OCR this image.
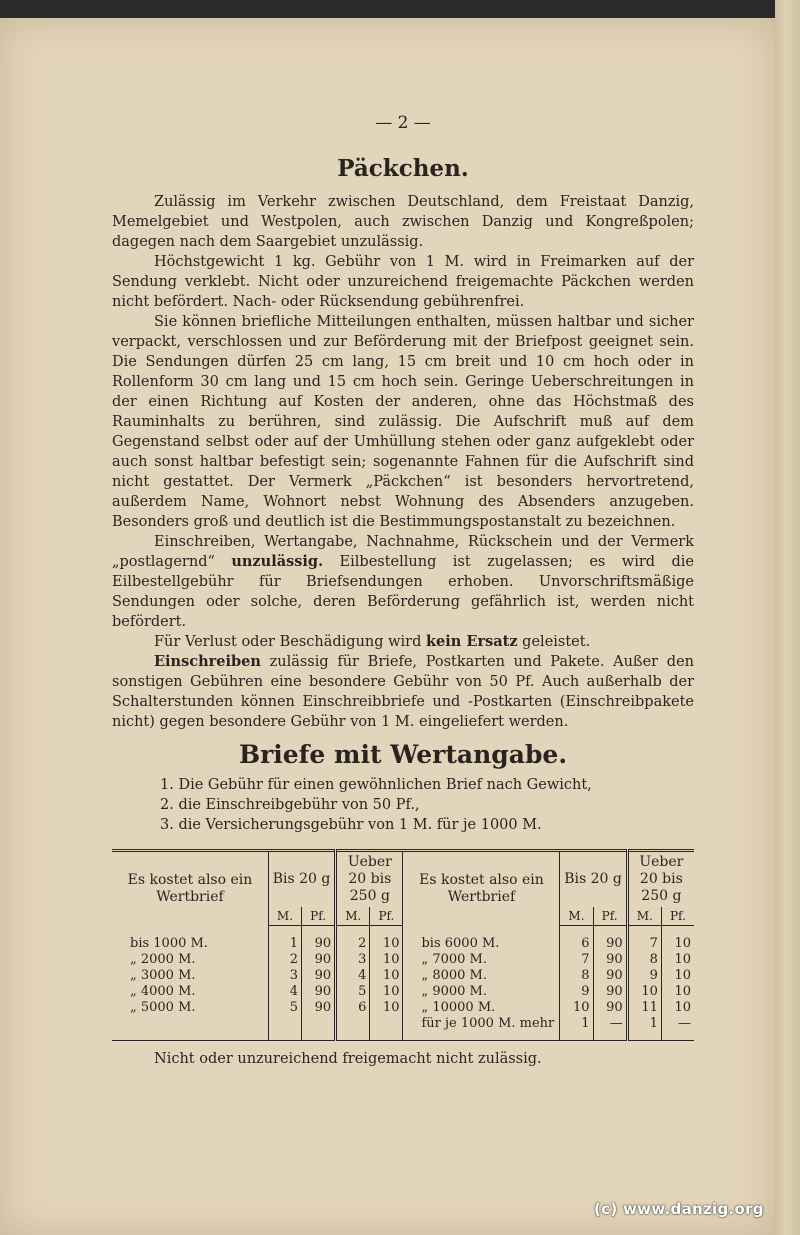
— 2 —
Päckchen.

Zulässig im Verkehr zwischen Deutschland, dem Freistaat Danzig, Memelgebiet und Westpolen, auch zwischen Danzig und Kongreßpolen; dagegen nach dem Saargebiet unzulässig.

Höchstgewicht 1 kg. Gebühr von 1 M. wird in Freimarken auf der Sendung verklebt. Nicht oder unzureichend freigemachte Päckchen werden nicht befördert. Nach- oder Rücksendung gebührenfrei.

Sie können briefliche Mitteilungen enthalten, müssen haltbar und sicher verpackt, verschlossen und zur Beförderung mit der Briefpost geeignet sein. Die Sendungen dürfen 25 cm lang, 15 cm breit und 10 cm hoch oder in Rollenform 30 cm lang und 15 cm hoch sein. Geringe Ueberschreitungen in der einen Richtung auf Kosten der anderen, ohne das Höchstmaß des Rauminhalts zu berühren, sind zulässig. Die Aufschrift muß auf dem Gegenstand selbst oder auf der Umhüllung stehen oder ganz aufgeklebt oder auch sonst haltbar befestigt sein; sogenannte Fahnen für die Aufschrift sind nicht gestattet. Der Vermerk „Päckchen“ ist besonders hervortretend, außerdem Name, Wohnort nebst Wohnung des Absenders anzugeben. Besonders groß und deutlich ist die Bestimmungspostanstalt zu bezeichnen.

Einschreiben, Wertangabe, Nachnahme, Rückschein und der Vermerk „postlagernd“ unzulässig. Eilbestellung ist zugelassen; es wird die Eilbestellgebühr für Briefsendungen erhoben. Unvorschriftsmäßige Sendungen oder solche, deren Beförderung gefährlich ist, werden nicht befördert.

Für Verlust oder Beschädigung wird kein Ersatz geleistet.

Einschreiben zulässig für Briefe, Postkarten und Pakete. Außer den sonstigen Gebühren eine besondere Gebühr von 50 Pf. Auch außerhalb der Schalterstunden können Einschreibbriefe und -Postkarten (Einschreibpakete nicht) gegen besondere Gebühr von 1 M. eingeliefert werden.

Briefe mit Wertangabe.
1. Die Gebühr für einen gewöhnlichen Brief nach Gewicht,
2. die Einschreibgebühr von 50 Pf.,
3. die Versicherungsgebühr von 1 M. für je 1000 M.
Es kostet also ein Wertbrief	Bis 20 g		Ueber 20 bis 250 g		Es kostet also ein Wertbrief	Bis 20 g		Ueber 20 bis 250 g	
	M.	Pf.	M.	Pf.		M.	Pf.	M.	Pf.
bis 1000 M.	1	90	2	10	bis 6000 M.	6	90	7	10
„ 2000 M.	2	90	3	10	„ 7000 M.	7	90	8	10
„ 3000 M.	3	90	4	10	„ 8000 M.	8	90	9	10
„ 4000 M.	4	90	5	10	„ 9000 M.	9	90	10	10
„ 5000 M.	5	90	6	10	„ 10000 M.	10	90	11	10
					für je 1000 M. mehr	1	—	1	—

Nicht oder unzureichend freigemacht nicht zulässig.

(c) www.danzig.org
